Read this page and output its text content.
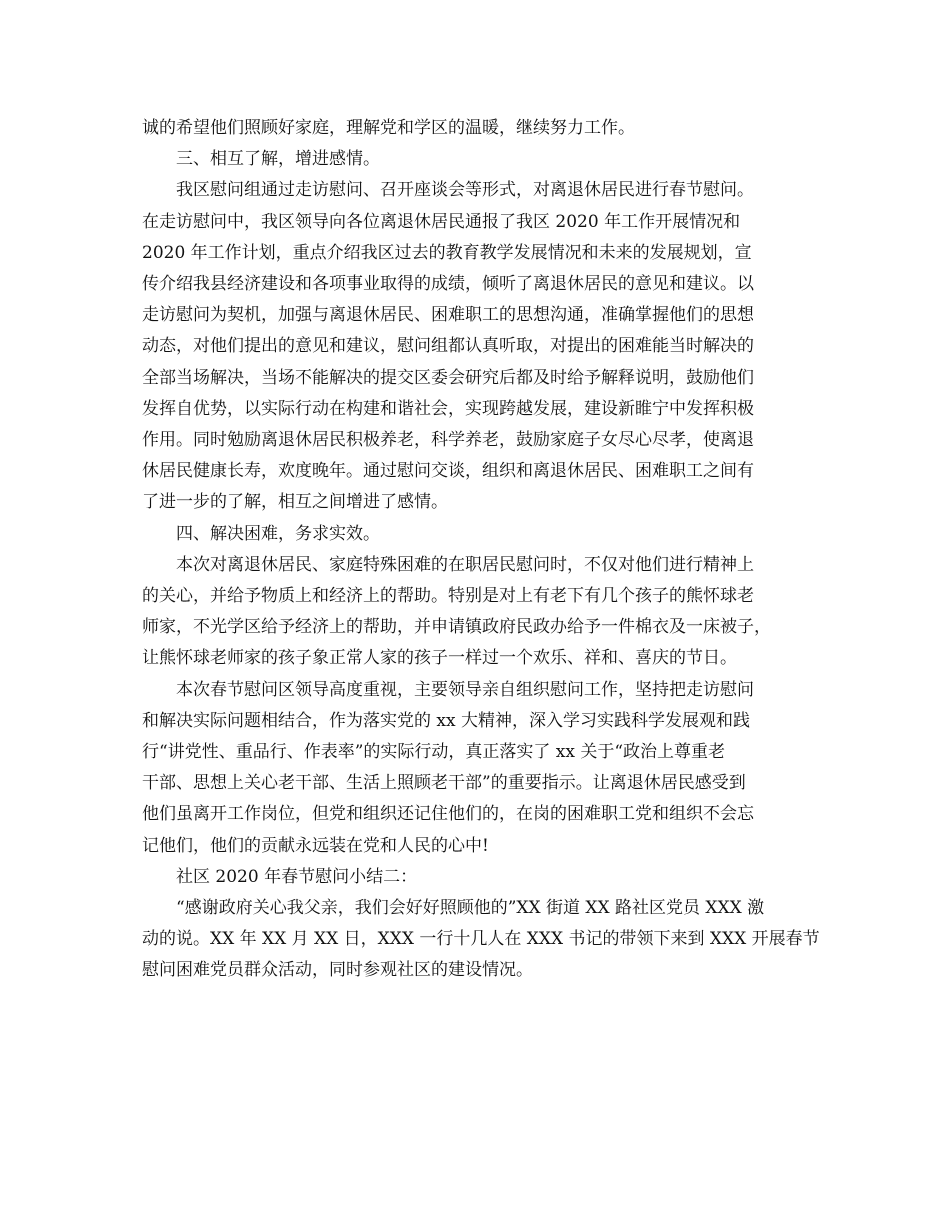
诚的希望他们照顾好家庭，理解党和学区的温暖，继续努力工作。

三、相互了解，增进感情。

我区慰问组通过走访慰问、召开座谈会等形式，对离退休居民进行春节慰问。
在走访慰问中，我区领导向各位离退休居民通报了我区 2020 年工作开展情况和
2020 年工作计划，重点介绍我区过去的教育教学发展情况和未来的发展规划，宣
传介绍我县经济建设和各项事业取得的成绩，倾听了离退休居民的意见和建议。以
走访慰问为契机，加强与离退休居民、困难职工的思想沟通，准确掌握他们的思想
动态，对他们提出的意见和建议，慰问组都认真听取，对提出的困难能当时解决的
全部当场解决，当场不能解决的提交区委会研究后都及时给予解释说明，鼓励他们
发挥自优势，以实际行动在构建和谐社会，实现跨越发展，建设新睢宁中发挥积极
作用。同时勉励离退休居民积极养老，科学养老，鼓励家庭子女尽心尽孝，使离退
休居民健康长寿，欢度晚年。通过慰问交谈，组织和离退休居民、困难职工之间有
了进一步的了解，相互之间增进了感情。

四、解决困难，务求实效。

本次对离退休居民、家庭特殊困难的在职居民慰问时，不仅对他们进行精神上
的关心，并给予物质上和经济上的帮助。特别是对上有老下有几个孩子的熊怀球老
师家，不光学区给予经济上的帮助，并申请镇政府民政办给予一件棉衣及一床被子，
让熊怀球老师家的孩子象正常人家的孩子一样过一个欢乐、祥和、喜庆的节日。

本次春节慰问区领导高度重视，主要领导亲自组织慰问工作，坚持把走访慰问
和解决实际问题相结合，作为落实党的 xx 大精神，深入学习实践科学发展观和践
行“讲党性、重品行、作表率”的实际行动，真正落实了 xx 关于“政治上尊重老
干部、思想上关心老干部、生活上照顾老干部”的重要指示。让离退休居民感受到
他们虽离开工作岗位，但党和组织还记住他们的，在岗的困难职工党和组织不会忘
记他们，他们的贡献永远装在党和人民的心中!

社区 2020 年春节慰问小结二：

“感谢政府关心我父亲，我们会好好照顾他的”XX 街道 XX 路社区党员 XXX 激
动的说。XX 年 XX 月 XX 日，XXX 一行十几人在 XXX 书记的带领下来到 XXX 开展春节
慰问困难党员群众活动，同时参观社区的建设情况。
